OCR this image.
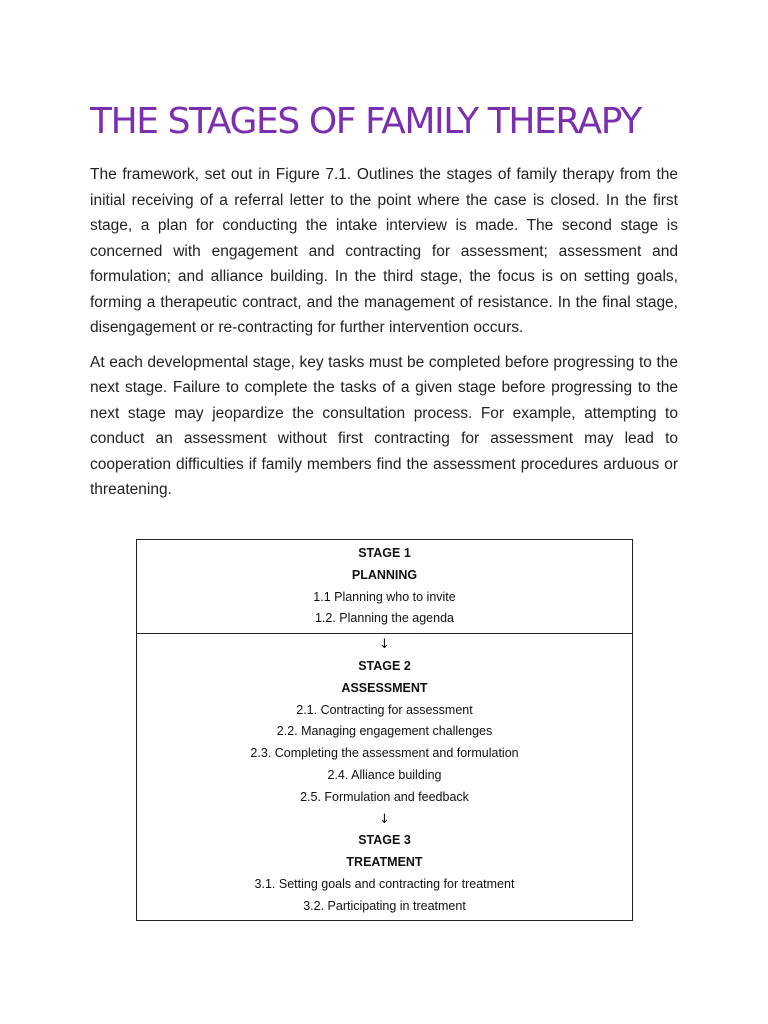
THE STAGES OF FAMILY THERAPY

The framework, set out in Figure 7.1. Outlines the stages of family therapy from the initial receiving of a referral letter to the point where the case is closed. In the first stage, a plan for conducting the intake interview is made. The second stage is concerned with engagement and contracting for assessment; assessment and formulation; and alliance building. In the third stage, the focus is on setting goals, forming a therapeutic contract, and the management of resistance. In the final stage, disengagement or re-contracting for further intervention occurs.

At each developmental stage, key tasks must be completed before progressing to the next stage. Failure to complete the tasks of a given stage before progressing to the next stage may jeopardize the consultation process. For example, attempting to conduct an assessment without first contracting for assessment may lead to cooperation difficulties if family members find the assessment procedures arduous or threatening.

STAGE 1
PLANNING
1.1 Planning who to invite
1.2. Planning the agenda
↓
STAGE 2
ASSESSMENT
2.1. Contracting for assessment
2.2. Managing engagement challenges
2.3. Completing the assessment and formulation
2.4. Alliance building
2.5. Formulation and feedback
↓
STAGE 3
TREATMENT
3.1. Setting goals and contracting for treatment
3.2. Participating in treatment
